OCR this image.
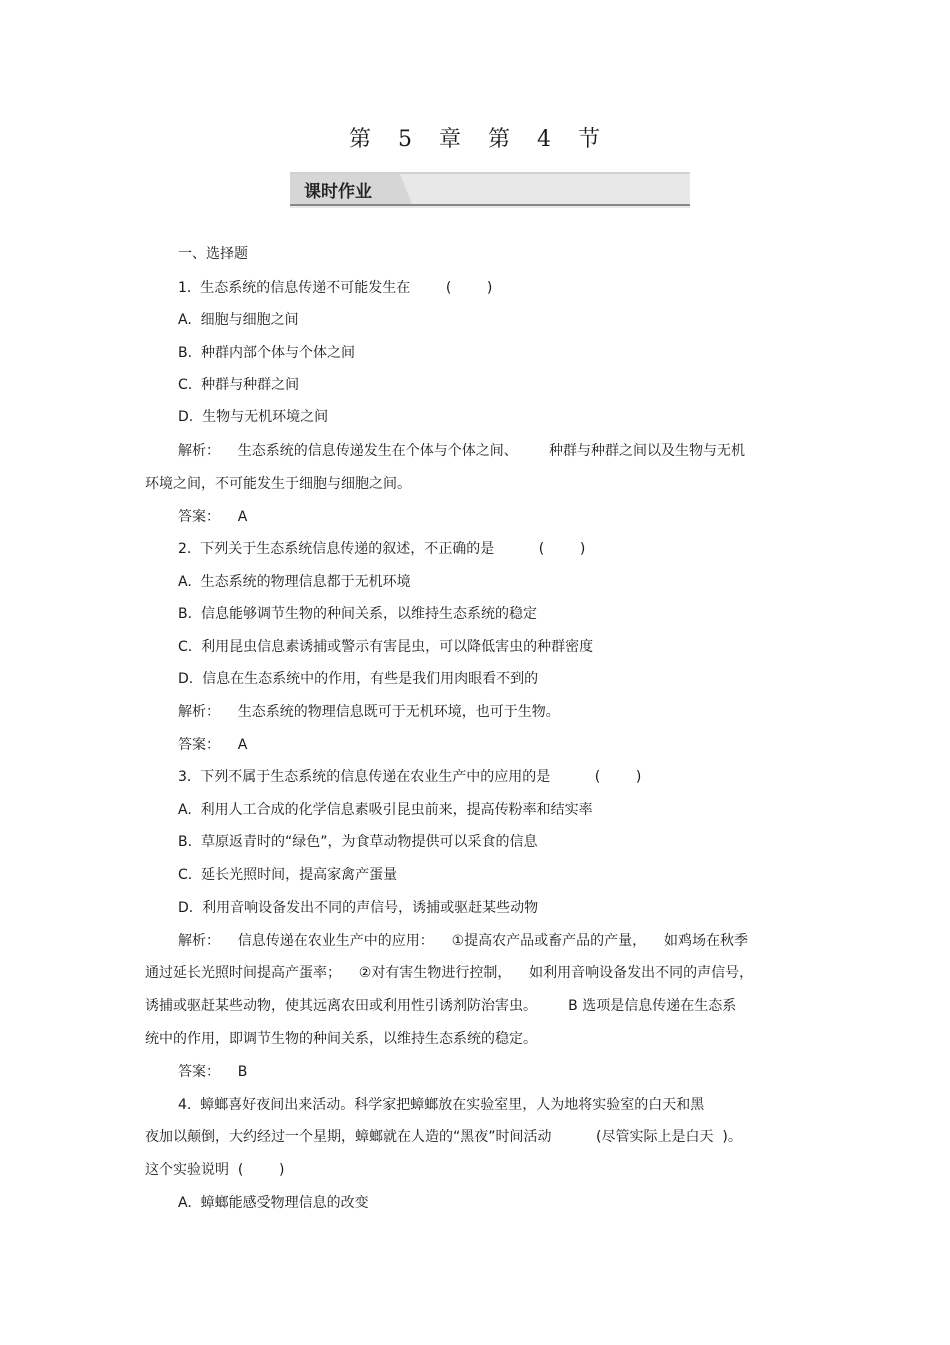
第 5 章 第 4 节
课时作业
一、选择题
1.  生态系统的信息传递不可能发生在        (        )
A.  细胞与细胞之间
B.  种群内部个体与个体之间
C.  种群与种群之间
D.  生物与无机环境之间
解析：    生态系统的信息传递发生在个体与个体之间、       种群与种群之间以及生物与无机
环境之间，不可能发生于细胞与细胞之间。
答案：    A
2.  下列关于生态系统信息传递的叙述，不正确的是          (        )
A.  生态系统的物理信息都于无机环境
B.  信息能够调节生物的种间关系，以维持生态系统的稳定
C.  利用昆虫信息素诱捕或警示有害昆虫，可以降低害虫的种群密度
D.  信息在生态系统中的作用，有些是我们用肉眼看不到的
解析：    生态系统的物理信息既可于无机环境，也可于生物。
答案：    A
3.  下列不属于生态系统的信息传递在农业生产中的应用的是          (        )
A.  利用人工合成的化学信息素吸引昆虫前来，提高传粉率和结实率
B.  草原返青时的“绿色”，为食草动物提供可以采食的信息
C.  延长光照时间，提高家禽产蛋量
D.  利用音响设备发出不同的声信号，诱捕或驱赶某些动物
解析：    信息传递在农业生产中的应用：    ①提高农产品或畜产品的产量，    如鸡场在秋季
通过延长光照时间提高产蛋率；    ②对有害生物进行控制，    如利用音响设备发出不同的声信号，
诱捕或驱赶某些动物，使其远离农田或利用性引诱剂防治害虫。       B 选项是信息传递在生态系
统中的作用，即调节生物的种间关系，以维持生态系统的稳定。
答案：    B
4.  蟑螂喜好夜间出来活动。科学家把蟑螂放在实验室里，人为地将实验室的白天和黑
夜加以颠倒，大约经过一个星期，蟑螂就在人造的“黑夜”时间活动          (尽管实际上是白天  )。
这个实验说明  (        )
A.  蟑螂能感受物理信息的改变
